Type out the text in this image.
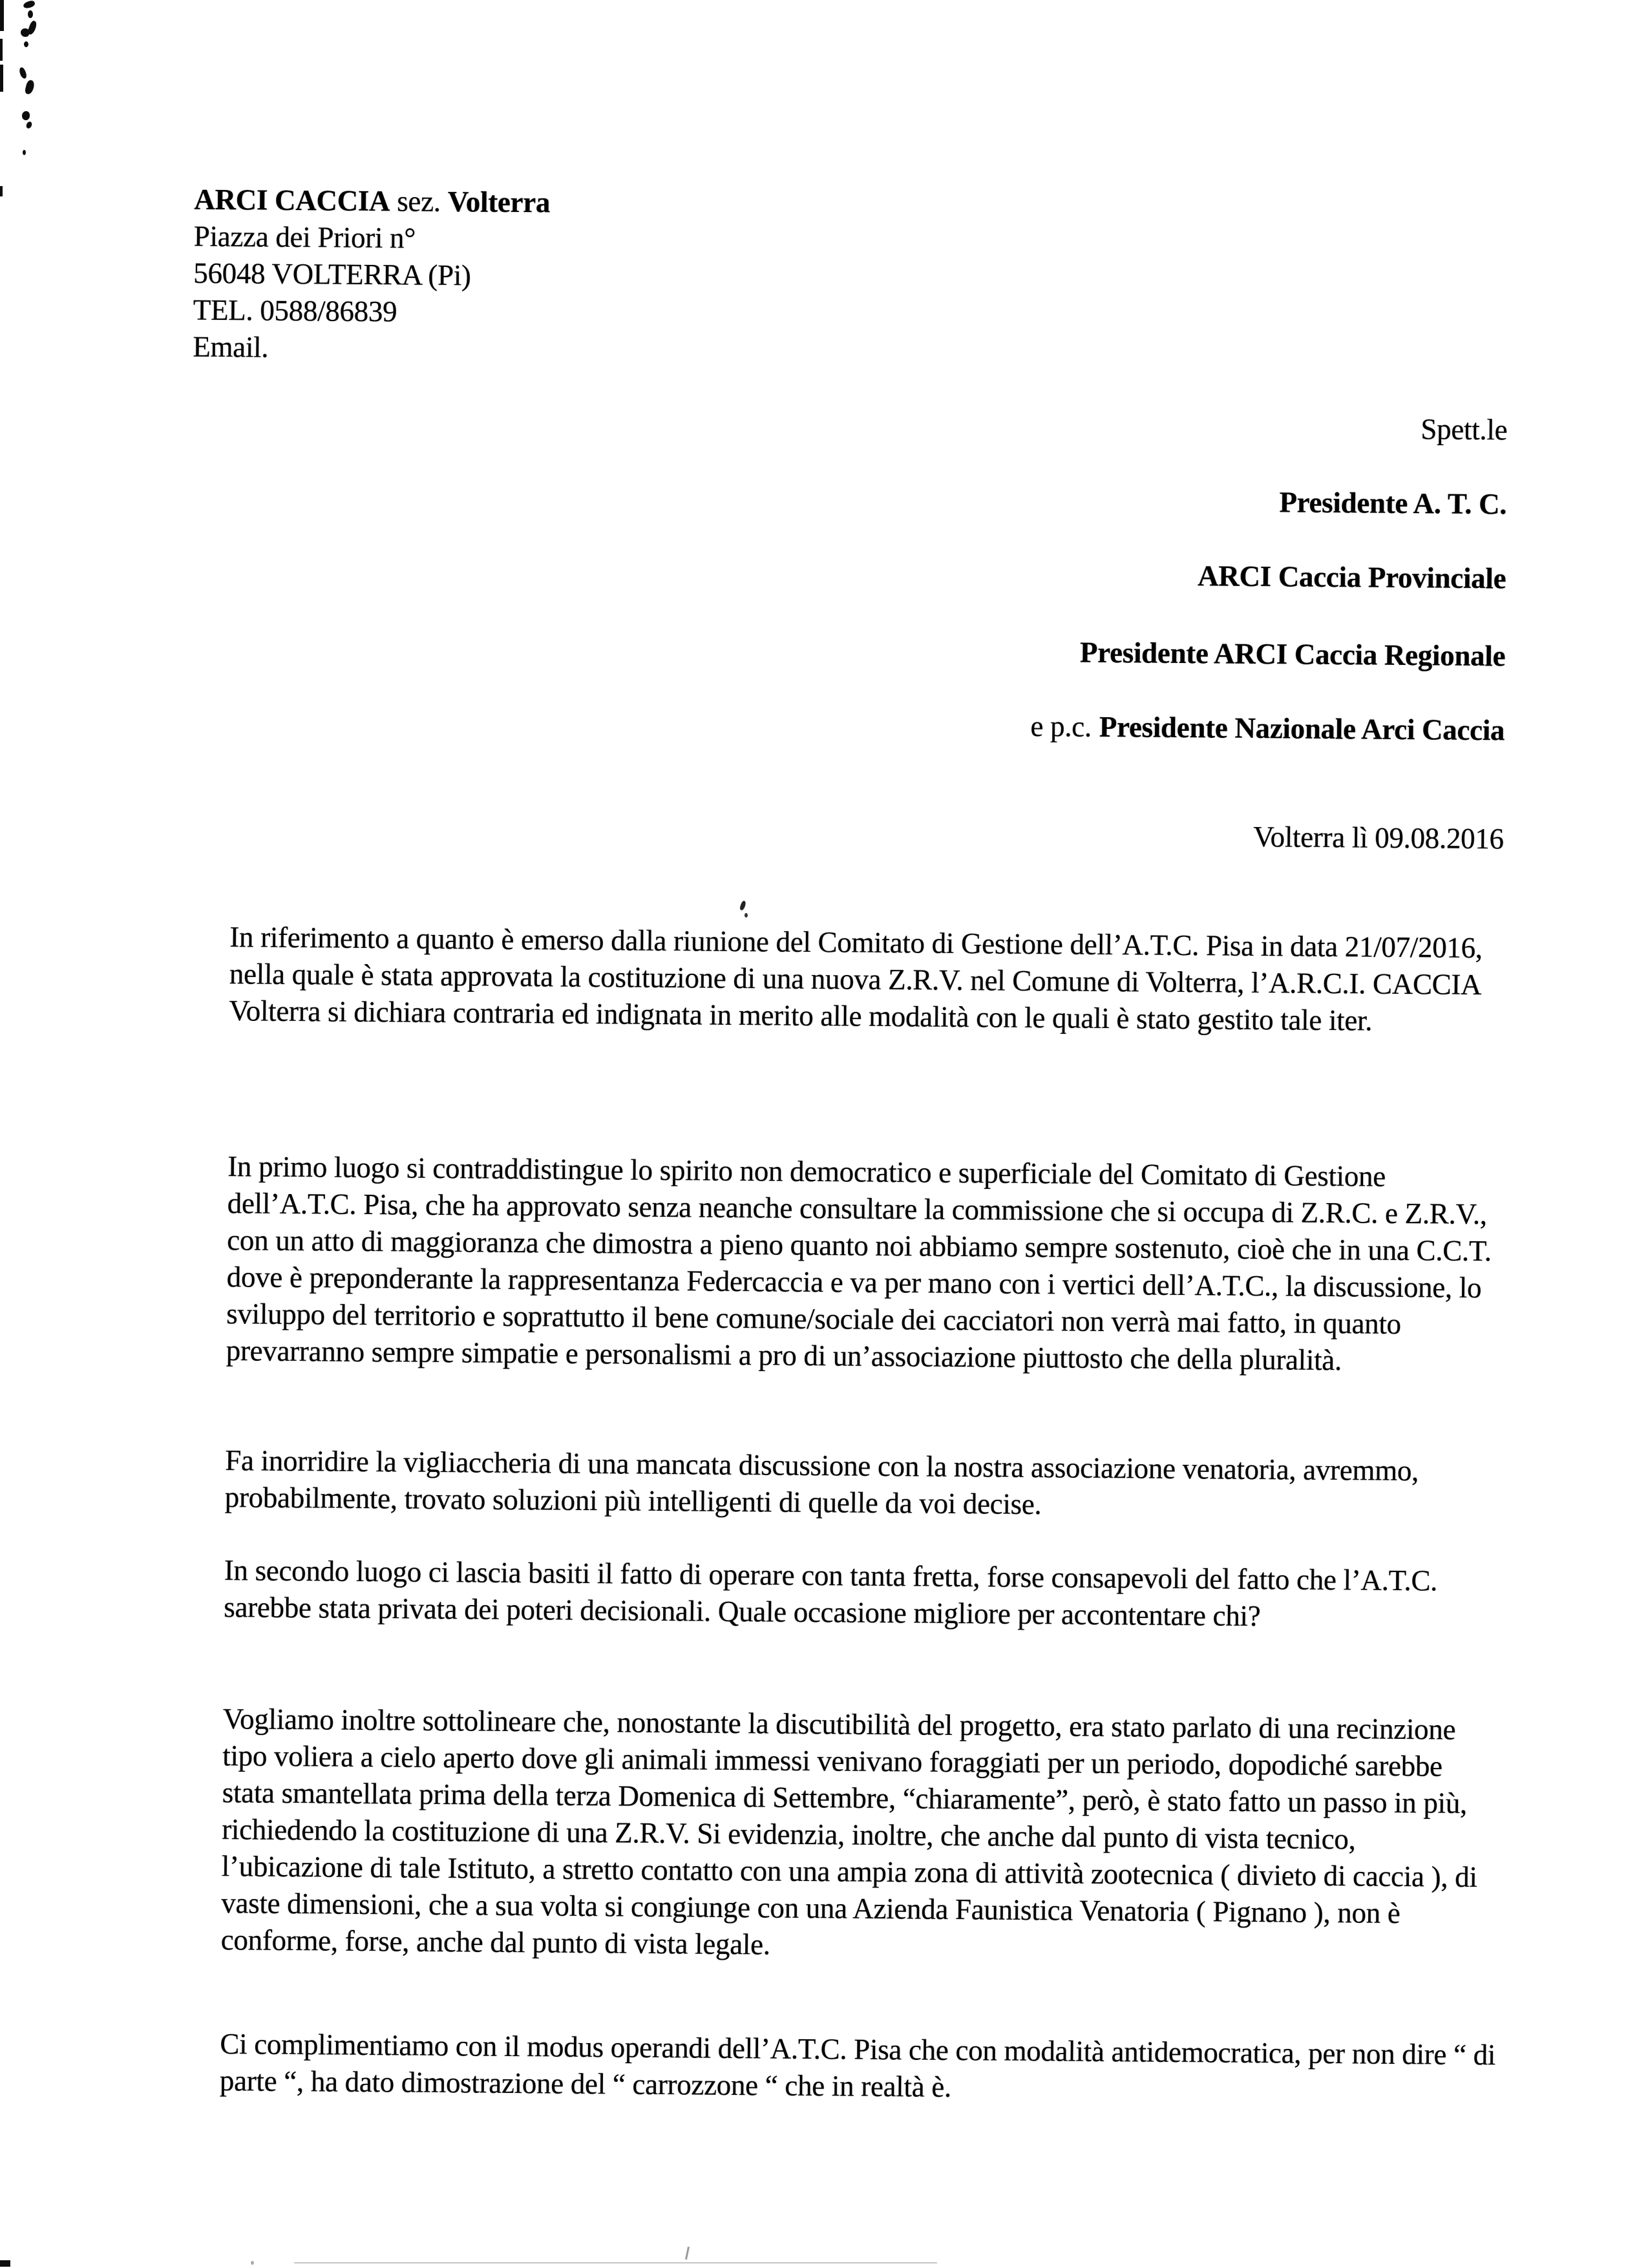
ARCI CACCIA sez. Volterra
Piazza dei Priori n°
56048 VOLTERRA (Pi)
TEL. 0588/86839
Email.
Spett.le
Presidente A. T. C.
ARCI Caccia Provinciale
Presidente ARCI Caccia Regionale
e p.c. Presidente Nazionale Arci Caccia
Volterra lì 09.08.2016

In riferimento a quanto è emerso dalla riunione del Comitato di Gestione dell’A.T.C. Pisa in data 21/07/2016, nella quale è stata approvata la costituzione di una nuova Z.R.V. nel Comune di Volterra, l’A.R.C.I. CACCIA Volterra si dichiara contraria ed indignata in merito alle modalità con le quali è stato gestito tale iter.

In primo luogo si contraddistingue lo spirito non democratico e superficiale del Comitato di Gestione dell’A.T.C. Pisa, che ha approvato senza neanche consultare la commissione che si occupa di Z.R.C. e Z.R.V., con un atto di maggioranza che dimostra a pieno quanto noi abbiamo sempre sostenuto, cioè che in una C.C.T. dove è preponderante la rappresentanza Federcaccia e va per mano con i vertici dell’A.T.C., la discussione, lo sviluppo del territorio e soprattutto il bene comune/sociale dei cacciatori non verrà mai fatto, in quanto prevarranno sempre simpatie e personalismi a pro di un’associazione piuttosto che della pluralità.

Fa inorridire la vigliaccheria di una mancata discussione con la nostra associazione venatoria, avremmo, probabilmente, trovato soluzioni più intelligenti di quelle da voi decise.

In secondo luogo ci lascia basiti il fatto di operare con tanta fretta, forse consapevoli del fatto che l’A.T.C. sarebbe stata privata dei poteri decisionali. Quale occasione migliore per accontentare chi?

Vogliamo inoltre sottolineare che, nonostante la discutibilità del progetto, era stato parlato di una recinzione tipo voliera a cielo aperto dove gli animali immessi venivano foraggiati per un periodo, dopodiché sarebbe stata smantellata prima della terza Domenica di Settembre, “chiaramente”, però, è stato fatto un passo in più, richiedendo la costituzione di una Z.R.V. Si evidenzia, inoltre, che anche dal punto di vista tecnico, l’ubicazione di tale Istituto, a stretto contatto con una ampia zona di attività zootecnica ( divieto di caccia ), di vaste dimensioni, che a sua volta si congiunge con una Azienda Faunistica Venatoria ( Pignano ), non è conforme, forse, anche dal punto di vista legale.

Ci complimentiamo con il modus operandi dell’A.T.C. Pisa che con modalità antidemocratica, per non dire “ di parte “, ha dato dimostrazione del “ carrozzone “ che in realtà è.
